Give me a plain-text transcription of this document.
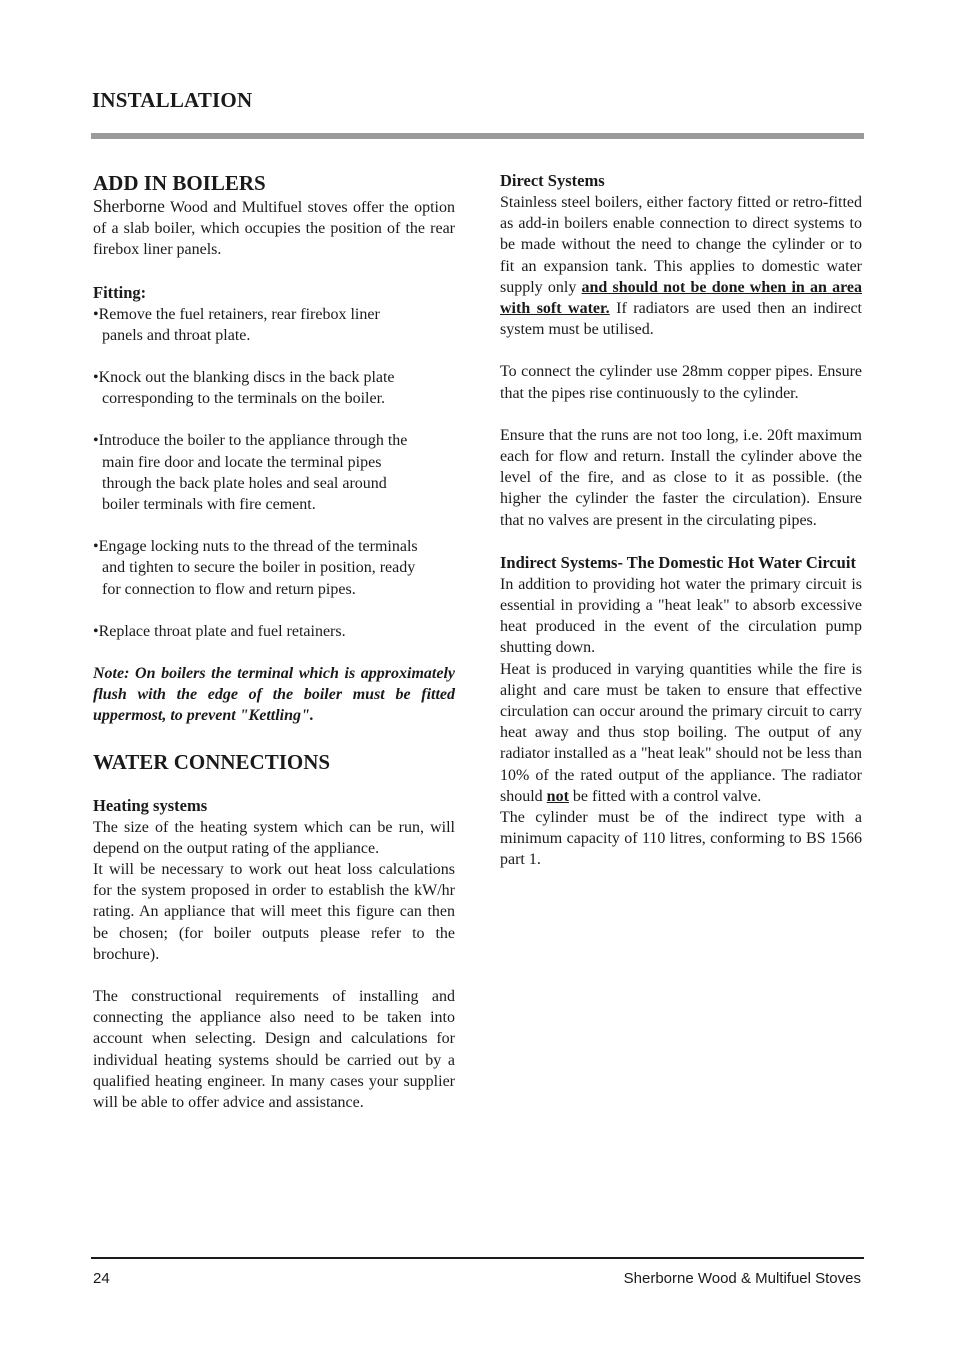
INSTALLATION
ADD IN BOILERS

Sherborne Wood and Multifuel stoves offer the option of a slab boiler, which occupies the position of the rear firebox liner panels.

Fitting:

•Remove the fuel retainers, rear firebox liner panels and throat plate.

•Knock out the blanking discs in the back plate corresponding to the terminals on the boiler.

•Introduce the boiler to the appliance through the main fire door and locate the terminal pipes through the back plate holes and seal around boiler terminals with fire cement.

•Engage locking nuts to the thread of the terminals and tighten to secure the boiler in position, ready for connection to flow and return pipes.

•Replace throat plate and fuel retainers.

Note: On boilers the terminal which is approximately flush with the edge of the boiler must be fitted uppermost, to prevent "Kettling".

WATER CONNECTIONS
Heating systems

The size of the heating system which can be run, will depend on the output rating of the appliance.

It will be necessary to work out heat loss calculations for the system proposed in order to establish the kW/hr rating. An appliance that will meet this figure can then be chosen; (for boiler outputs please refer to the brochure).

The constructional requirements of installing and connecting the appliance also need to be taken into account when selecting. Design and calculations for individual heating systems should be carried out by a qualified heating engineer. In many cases your supplier will be able to offer advice and assistance.

Direct Systems

Stainless steel boilers, either factory fitted or retro-fitted as add-in boilers enable connection to direct systems to be made without the need to change the cylinder or to fit an expansion tank. This applies to domestic water supply only and should not be done when in an area with soft water. If radiators are used then an indirect system must be utilised.

To connect the cylinder use 28mm copper pipes. Ensure that the pipes rise continuously to the cylinder.

Ensure that the runs are not too long, i.e. 20ft maximum each for flow and return. Install the cylinder above the level of the fire, and as close to it as possible. (the higher the cylinder the faster the circulation). Ensure that no valves are present in the circulating pipes.

Indirect Systems- The Domestic Hot Water Circuit

In addition to providing hot water the primary circuit is essential in providing a "heat leak" to absorb excessive heat produced in the event of the circulation pump shutting down.

Heat is produced in varying quantities while the fire is alight and care must be taken to ensure that effective circulation can occur around the primary circuit to carry heat away and thus stop boiling. The output of any radiator installed as a "heat leak" should not be less than 10% of the rated output of the appliance. The radiator should not be fitted with a control valve.

The cylinder must be of the indirect type with a minimum capacity of 110 litres, conforming to BS 1566 part 1.

24	Sherborne Wood & Multifuel Stoves
